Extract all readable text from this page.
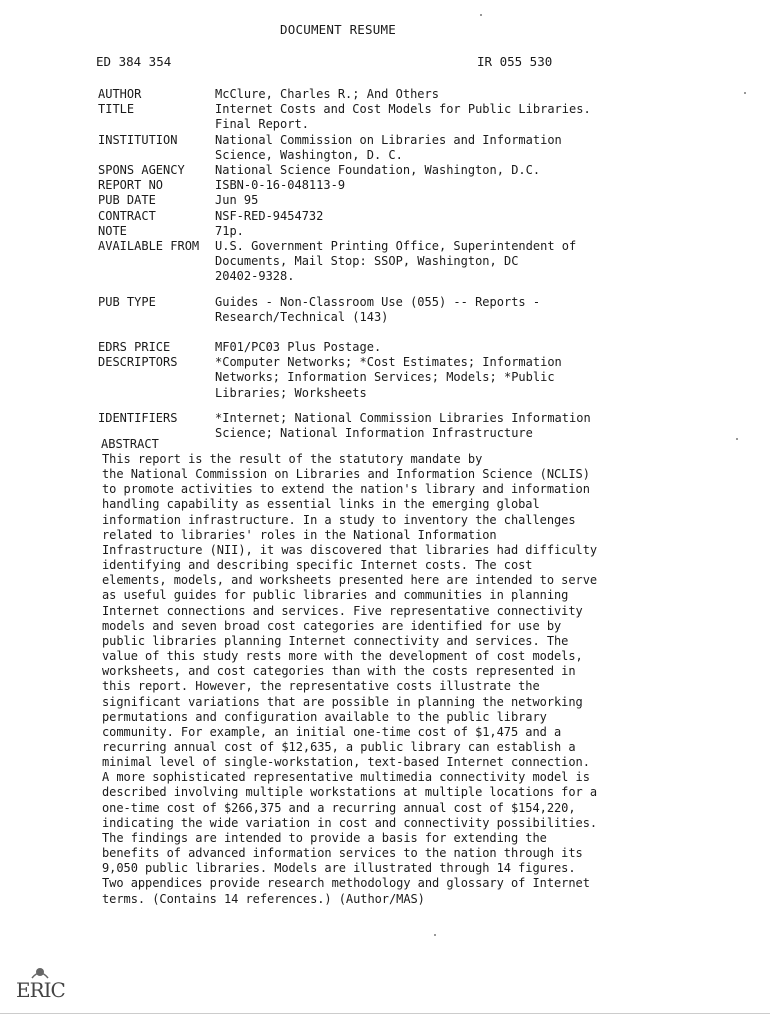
DOCUMENT RESUME
ED 384 354	IR 055 530
AUTHOR	McClure, Charles R.; And Others
TITLE	Internet Costs and Cost Models for Public Libraries.
Final Report.
INSTITUTION	National Commission on Libraries and Information
Science, Washington, D. C.
SPONS AGENCY	National Science Foundation, Washington, D.C.
REPORT NO	ISBN-0-16-048113-9
PUB DATE	Jun 95
CONTRACT	NSF-RED-9454732
NOTE	71p.
AVAILABLE FROM	U.S. Government Printing Office, Superintendent of
Documents, Mail Stop: SSOP, Washington, DC
20402-9328.
PUB TYPE	Guides - Non-Classroom Use (055) -- Reports -
Research/Technical (143)
EDRS PRICE	MF01/PC03 Plus Postage.
DESCRIPTORS	*Computer Networks; *Cost Estimates; Information
Networks; Information Services; Models; *Public
Libraries; Worksheets
IDENTIFIERS	*Internet; National Commission Libraries Information
Science; National Information Infrastructure
ABSTRACT
This report is the result of the statutory mandate by
the National Commission on Libraries and Information Science (NCLIS)
to promote activities to extend the nation's library and information
handling capability as essential links in the emerging global
information infrastructure. In a study to inventory the challenges
related to libraries' roles in the National Information
Infrastructure (NII), it was discovered that libraries had difficulty
identifying and describing specific Internet costs. The cost
elements, models, and worksheets presented here are intended to serve
as useful guides for public libraries and communities in planning
Internet connections and services. Five representative connectivity
models and seven broad cost categories are identified for use by
public libraries planning Internet connectivity and services. The
value of this study rests more with the development of cost models,
worksheets, and cost categories than with the costs represented in
this report. However, the representative costs illustrate the
significant variations that are possible in planning the networking
permutations and configuration available to the public library
community. For example, an initial one-time cost of $1,475 and a
recurring annual cost of $12,635, a public library can establish a
minimal level of single-workstation, text-based Internet connection.
A more sophisticated representative multimedia connectivity model is
described involving multiple workstations at multiple locations for a
one-time cost of $266,375 and a recurring annual cost of $154,220,
indicating the wide variation in cost and connectivity possibilities.
The findings are intended to provide a basis for extending the
benefits of advanced information services to the nation through its
9,050 public libraries. Models are illustrated through 14 figures.
Two appendices provide research methodology and glossary of Internet
terms. (Contains 14 references.) (Author/MAS)
ERIC
